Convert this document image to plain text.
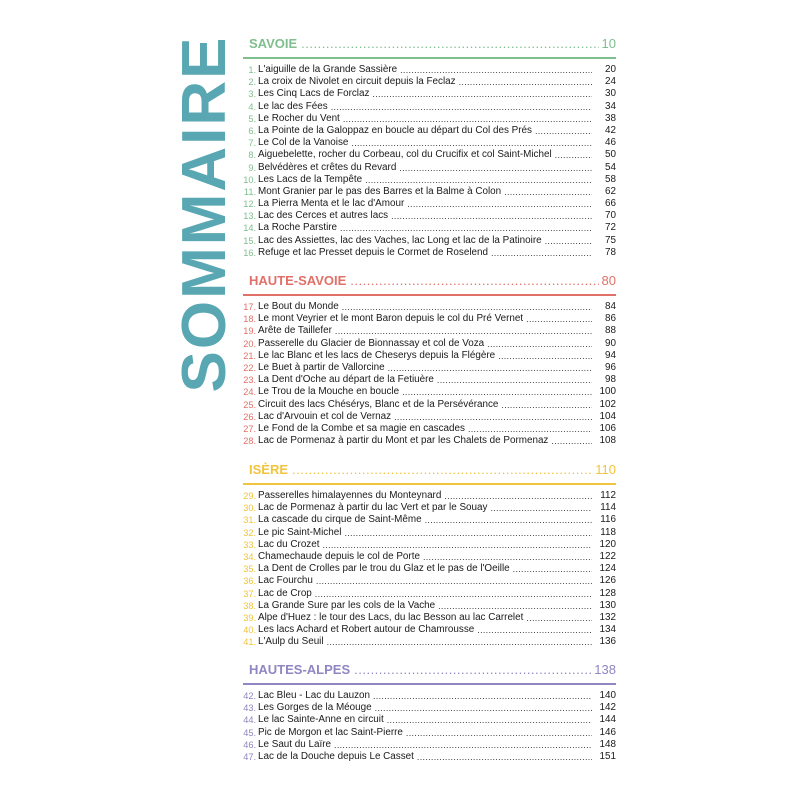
SOMMAIRE SAVOIE .....	10
1. L'aiguille de la Grande Sassière .....	20
2. La croix de Nivolet en circuit depuis la Feclaz .....	24
3. Les Cinq Lacs de Forclaz .....	30
4. Le lac des Fées .....	34
5. Le Rocher du Vent .....	38
6. La Pointe de la Galoppaz en boucle au départ du Col des Prés .....	42
7. Le Col de la Vanoise .....	46
8. Aiguebelette, rocher du Corbeau, col du Crucifix et col Saint-Michel .....	50
9. Belvédères et crêtes du Revard .....	54
10. Les Lacs de la Tempête .....	58
11. Mont Granier par le pas des Barres et la Balme à Colon .....	62
12. La Pierra Menta et le lac d'Amour .....	66
13. Lac des Cerces et autres lacs .....	70
14. La Roche Parstire .....	72
15. Lac des Assiettes, lac des Vaches, lac Long et lac de la Patinoire .....	75
16. Refuge et lac Presset depuis le Cormet de Roselend .....	78
HAUTE-SAVOIE .....	80
17. Le Bout du Monde .....	84
18. Le mont Veyrier et le mont Baron depuis le col du Pré Vernet .....	86
19. Arête de Taillefer .....	88
20. Passerelle du Glacier de Bionnassay et col de Voza .....	90
21. Le lac Blanc et les lacs de Cheserys depuis la Flégère .....	94
22. Le Buet à partir de Vallorcine .....	96
23. La Dent d'Oche au départ de la Fetiuère .....	98
24. Le Trou de la Mouche en boucle .....	100
25. Circuit des lacs Chésérys, Blanc et de la Persévérance .....	102
26. Lac d'Arvouin et col de Vernaz .....	104
27. Le Fond de la Combe et sa magie en cascades .....	106
28. Lac de Pormenaz à partir du Mont et par les Chalets de Pormenaz .....	108
ISÈRE .....	110
29. Passerelles himalayennes du Monteynard .....	112
30. Lac de Pormenaz à partir du lac Vert et par le Souay .....	114
31. La cascade du cirque de Saint-Même .....	116
32. Le pic Saint-Michel .....	118
33. Lac du Crozet .....	120
34. Chamechaude depuis le col de Porte .....	122
35. La Dent de Crolles par le trou du Glaz et le pas de l'Oeille .....	124
36. Lac Fourchu .....	126
37. Lac de Crop .....	128
38. La Grande Sure par les cols de la Vache .....	130
39. Alpe d'Huez : le tour des Lacs, du lac Besson au lac Carrelet .....	132
40. Les lacs Achard et Robert autour de Chamrousse .....	134
41. L'Aulp du Seuil .....	136
HAUTES-ALPES .....	138
42. Lac Bleu - Lac du Lauzon .....	140
43. Les Gorges de la Méouge .....	142
44. Le lac Sainte-Anne en circuit .....	144
45. Pic de Morgon et lac Saint-Pierre .....	146
46. Le Saut du Laïre .....	148
47. Lac de la Douche depuis Le Casset .....	151
